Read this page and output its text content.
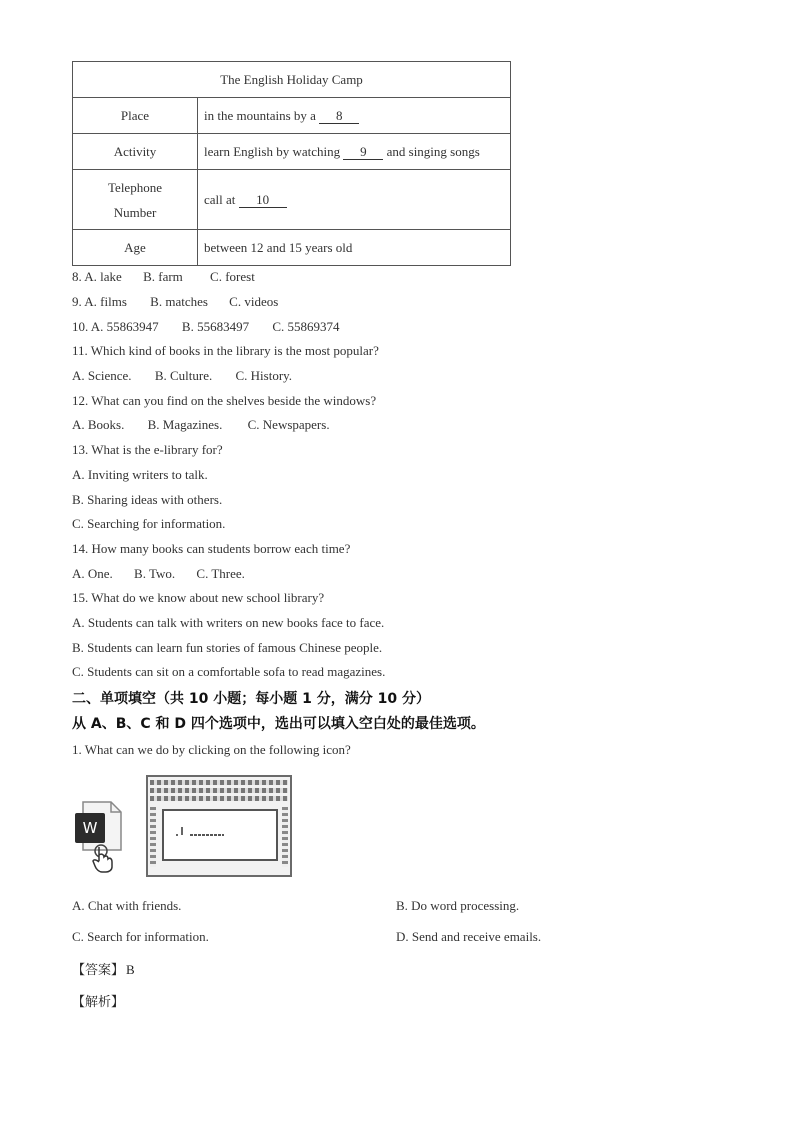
The English Holiday Camp	
Place	in the mountains by a 8
Activity	learn English by watching 9 and singing songs
Telephone
Number	call at 10
Age	between 12 and 15 years old
8. A. lake B. farm C. forest
9. A. films B. matches C. videos
10. A. 55863947 B. 55683497 C. 55869374
11. Which kind of books in the library is the most popular?
A. Science. B. Culture. C. History.
12. What can you find on the shelves beside the windows?
A. Books. B. Magazines. C. Newspapers.
13. What is the e-library for?
A. Inviting writers to talk.
B. Sharing ideas with others.
C. Searching for information.
14. How many books can students borrow each time?
A. One. B. Two. C. Three.
15. What do we know about new school library?
A. Students can talk with writers on new books face to face.
B. Students can learn fun stories of famous Chinese people.
C. Students can sit on a comfortable sofa to read magazines.
二、单项填空（共 10 小题；每小题 1 分，满分 10 分）
从 A、B、C 和 D 四个选项中，选出可以填入空白处的最佳选项。
1. What can we do by clicking on the following icon?
W
A. Chat with friends.	B. Do word processing.
C. Search for information.	D. Send and receive emails.
【答案】 B
【解析】
